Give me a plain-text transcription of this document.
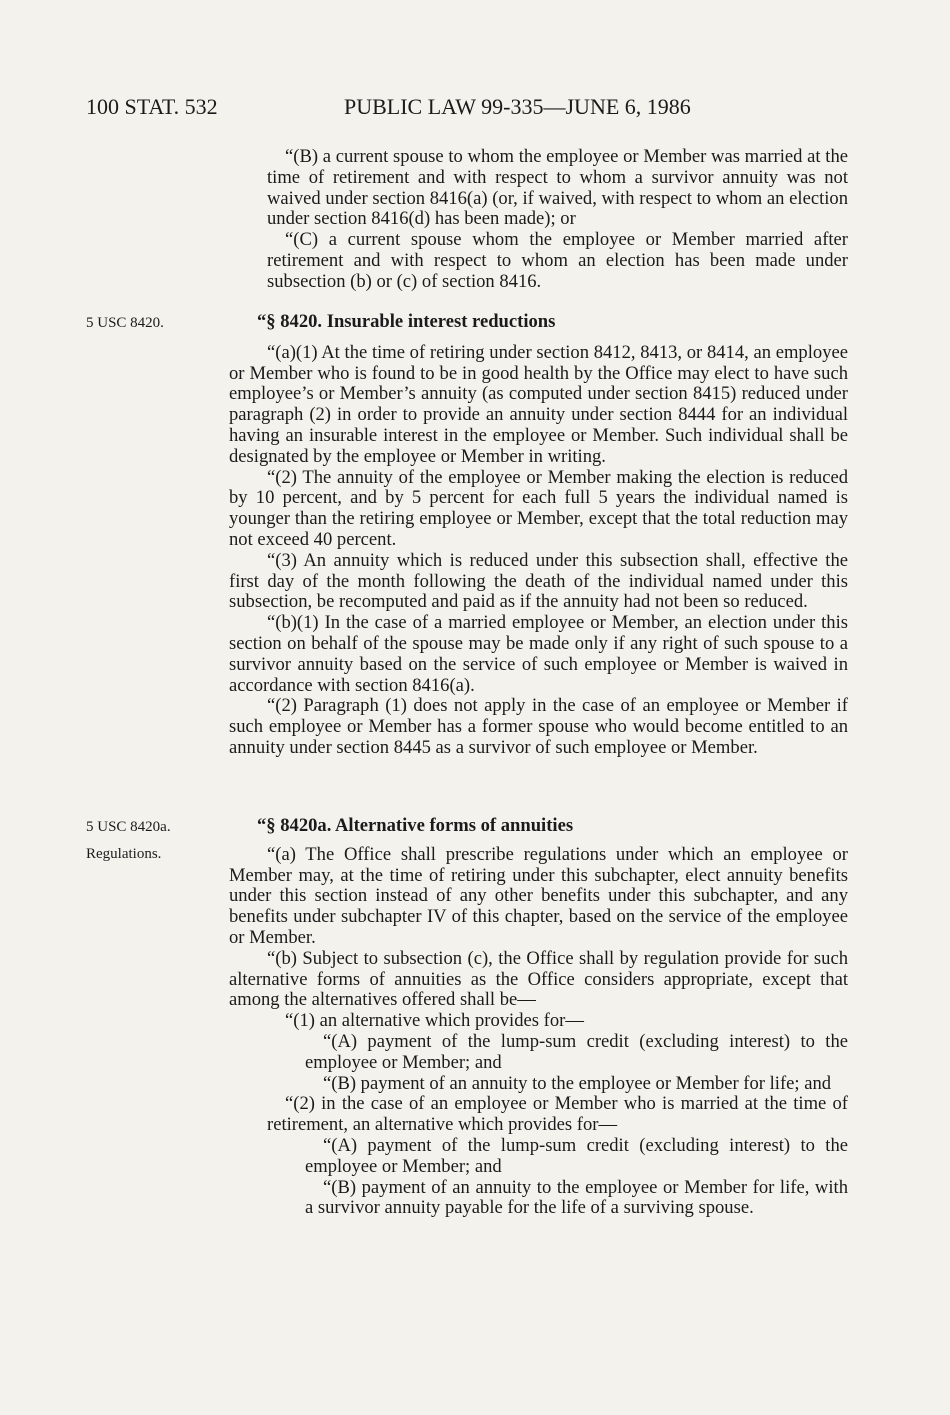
100 STAT. 532	PUBLIC LAW 99-335—JUNE 6, 1986

“(B) a current spouse to whom the employee or Member was married at the time of retirement and with respect to whom a survivor annuity was not waived under section 8416(a) (or, if waived, with respect to whom an election under section 8416(d) has been made); or

“(C) a current spouse whom the employee or Member married after retirement and with respect to whom an election has been made under subsection (b) or (c) of section 8416.

5 USC 8420.	“§ 8420. Insurable interest reductions

“(a)(1) At the time of retiring under section 8412, 8413, or 8414, an employee or Member who is found to be in good health by the Office may elect to have such employee’s or Member’s annuity (as computed under section 8415) reduced under paragraph (2) in order to provide an annuity under section 8444 for an individual having an insurable interest in the employee or Member. Such individual shall be designated by the employee or Member in writing.

“(2) The annuity of the employee or Member making the election is reduced by 10 percent, and by 5 percent for each full 5 years the individual named is younger than the retiring employee or Member, except that the total reduction may not exceed 40 percent.

“(3) An annuity which is reduced under this subsection shall, effective the first day of the month following the death of the individual named under this subsection, be recomputed and paid as if the annuity had not been so reduced.

“(b)(1) In the case of a married employee or Member, an election under this section on behalf of the spouse may be made only if any right of such spouse to a survivor annuity based on the service of such employee or Member is waived in accordance with section 8416(a).

“(2) Paragraph (1) does not apply in the case of an employee or Member if such employee or Member has a former spouse who would become entitled to an annuity under section 8445 as a survivor of such employee or Member.

5 USC 8420a.
Regulations.

“§ 8420a. Alternative forms of annuities

“(a) The Office shall prescribe regulations under which an employee or Member may, at the time of retiring under this subchapter, elect annuity benefits under this section instead of any other benefits under this subchapter, and any benefits under subchapter IV of this chapter, based on the service of the employee or Member.

“(b) Subject to subsection (c), the Office shall by regulation provide for such alternative forms of annuities as the Office considers appropriate, except that among the alternatives offered shall be—

“(1) an alternative which provides for—

“(A) payment of the lump-sum credit (excluding interest) to the employee or Member; and

“(B) payment of an annuity to the employee or Member for life; and

“(2) in the case of an employee or Member who is married at the time of retirement, an alternative which provides for—

“(A) payment of the lump-sum credit (excluding interest) to the employee or Member; and

“(B) payment of an annuity to the employee or Member for life, with a survivor annuity payable for the life of a surviving spouse.
